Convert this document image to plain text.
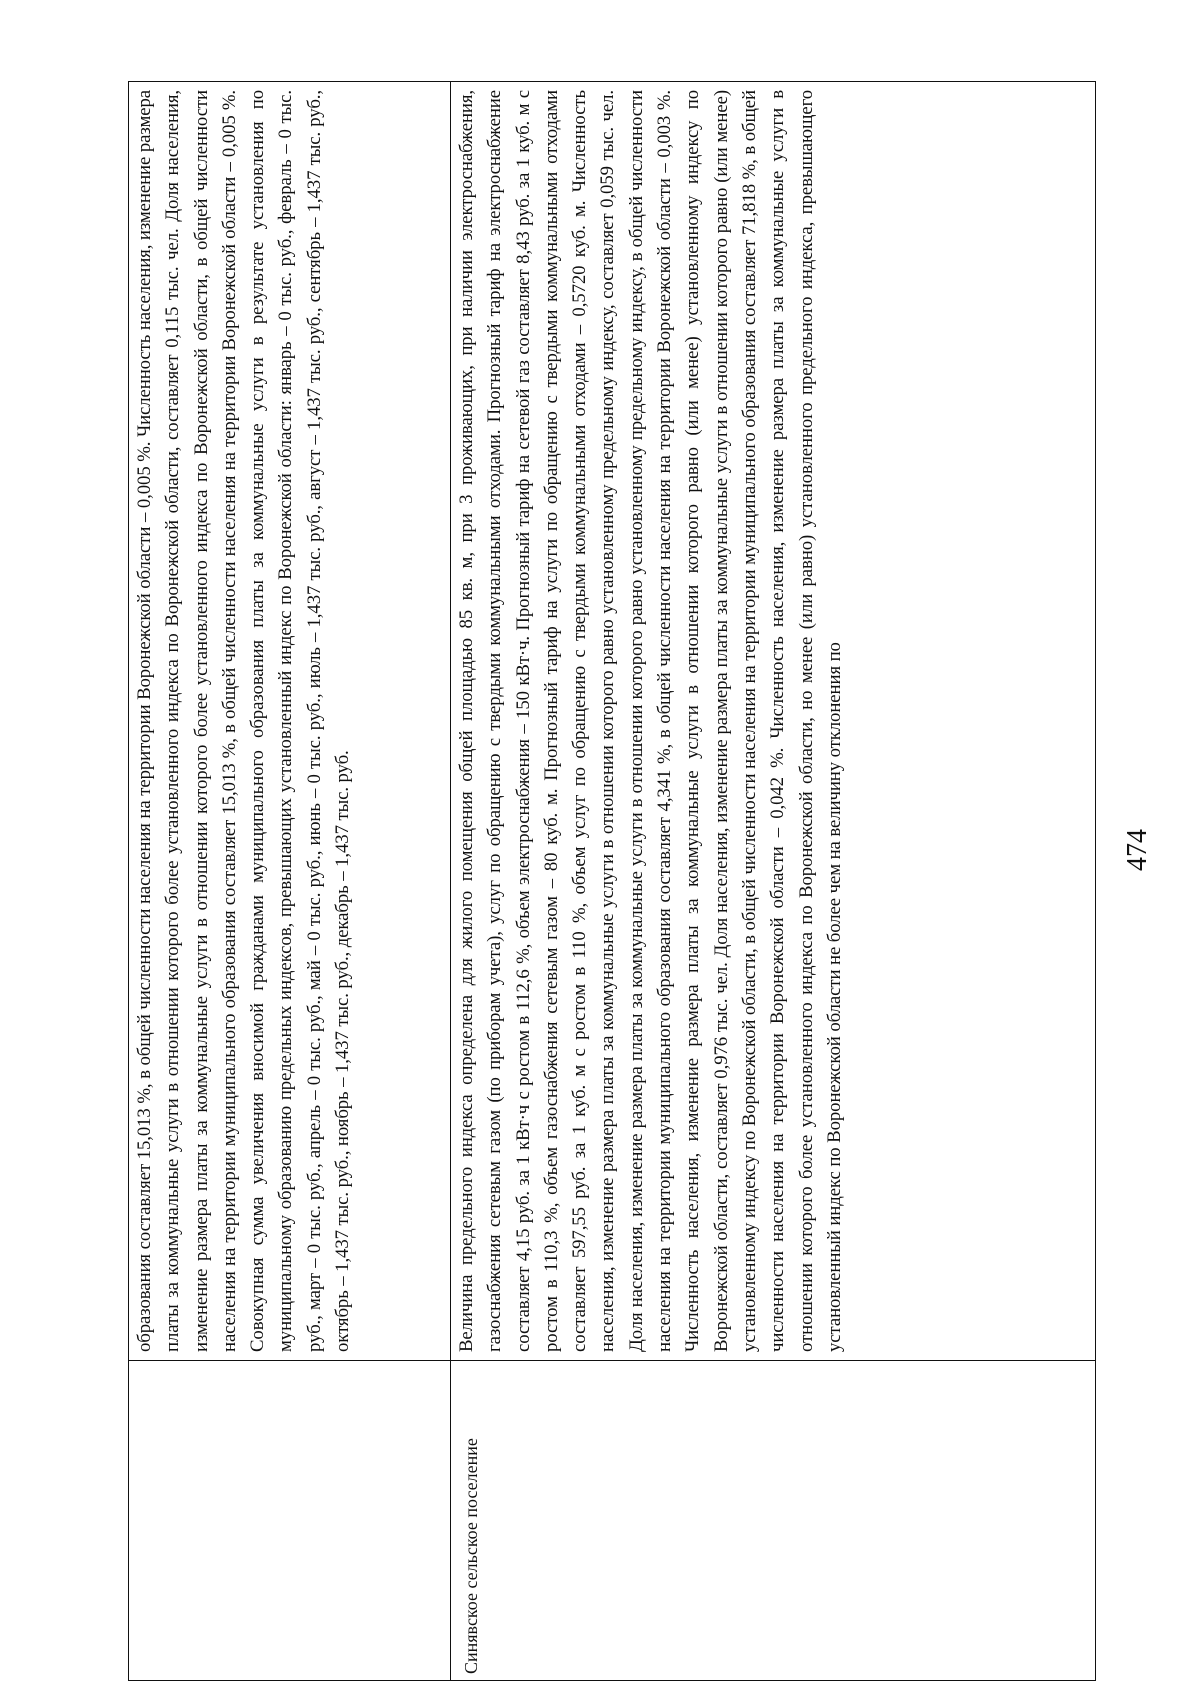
474
образования составляет 15,013 %, в общей численности населения на территории Воронежской области – 0,005 %. Численность населения, изменение размера платы за коммунальные услуги в отношении которого более установленного индекса по Воронежской области, составляет 0,115 тыс. чел. Доля населения, изменение размера платы за коммунальные услуги в отношении которого более установленного индекса по Воронежской области, в общей численности населения на территории муниципального образования составляет 15,013 %, в общей численности населения на территории Воронежской области – 0,005 %. Совокупная сумма увеличения вносимой гражданами муниципального образования платы за коммунальные услуги в результате установления по муниципальному образованию предельных индексов, превышающих установленный индекс по Воронежской области: январь – 0 тыс. руб., февраль – 0 тыс. руб., март – 0 тыс. руб., апрель – 0 тыс. руб., май – 0 тыс. руб., июнь – 0 тыс. руб., июль – 1,437 тыс. руб., август – 1,437 тыс. руб., сентябрь – 1,437 тыс. руб., октябрь – 1,437 тыс. руб., ноябрь – 1,437 тыс. руб., декабрь – 1,437 тыс. руб.
Синявское сельское поселение
Величина предельного индекса определена для жилого помещения общей площадью 85 кв. м, при 3 проживающих, при наличии электроснабжения, газоснабжения сетевым газом (по приборам учета), услуг по обращению с твердыми коммунальными отходами. Прогнозный тариф на электроснабжение составляет 4,15 руб. за 1 кВт·ч с ростом в 112,6 %, объем электроснабжения – 150 кВт·ч. Прогнозный тариф на сетевой газ составляет 8,43 руб. за 1 куб. м с ростом в 110,3 %, объем газоснабжения сетевым газом – 80 куб. м. Прогнозный тариф на услуги по обращению с твердыми коммунальными отходами составляет 597,55 руб. за 1 куб. м с ростом в 110 %, объем услуг по обращению с твердыми коммунальными отходами – 0,5720 куб. м. Численность населения, изменение размера платы за коммунальные услуги в отношении которого равно установленному предельному индексу, составляет 0,059 тыс. чел. Доля населения, изменение размера платы за коммунальные услуги в отношении которого равно установленному предельному индексу, в общей численности населения на территории муниципального образования составляет 4,341 %, в общей численности населения на территории Воронежской области – 0,003 %. Численность населения, изменение размера платы за коммунальные услуги в отношении которого равно (или менее) установленному индексу по Воронежской области, составляет 0,976 тыс. чел. Доля населения, изменение размера платы за коммунальные услуги в отношении которого равно (или менее) установленному индексу по Воронежской области, в общей численности населения на территории муниципального образования составляет 71,818 %, в общей численности населения на территории Воронежской области – 0,042 %. Численность населения, изменение размера платы за коммунальные услуги в отношении которого более установленного индекса по Воронежской области, но менее (или равно) установленного предельного индекса, превышающего установленный индекс по Воронежской области не более чем на величину отклонения по
